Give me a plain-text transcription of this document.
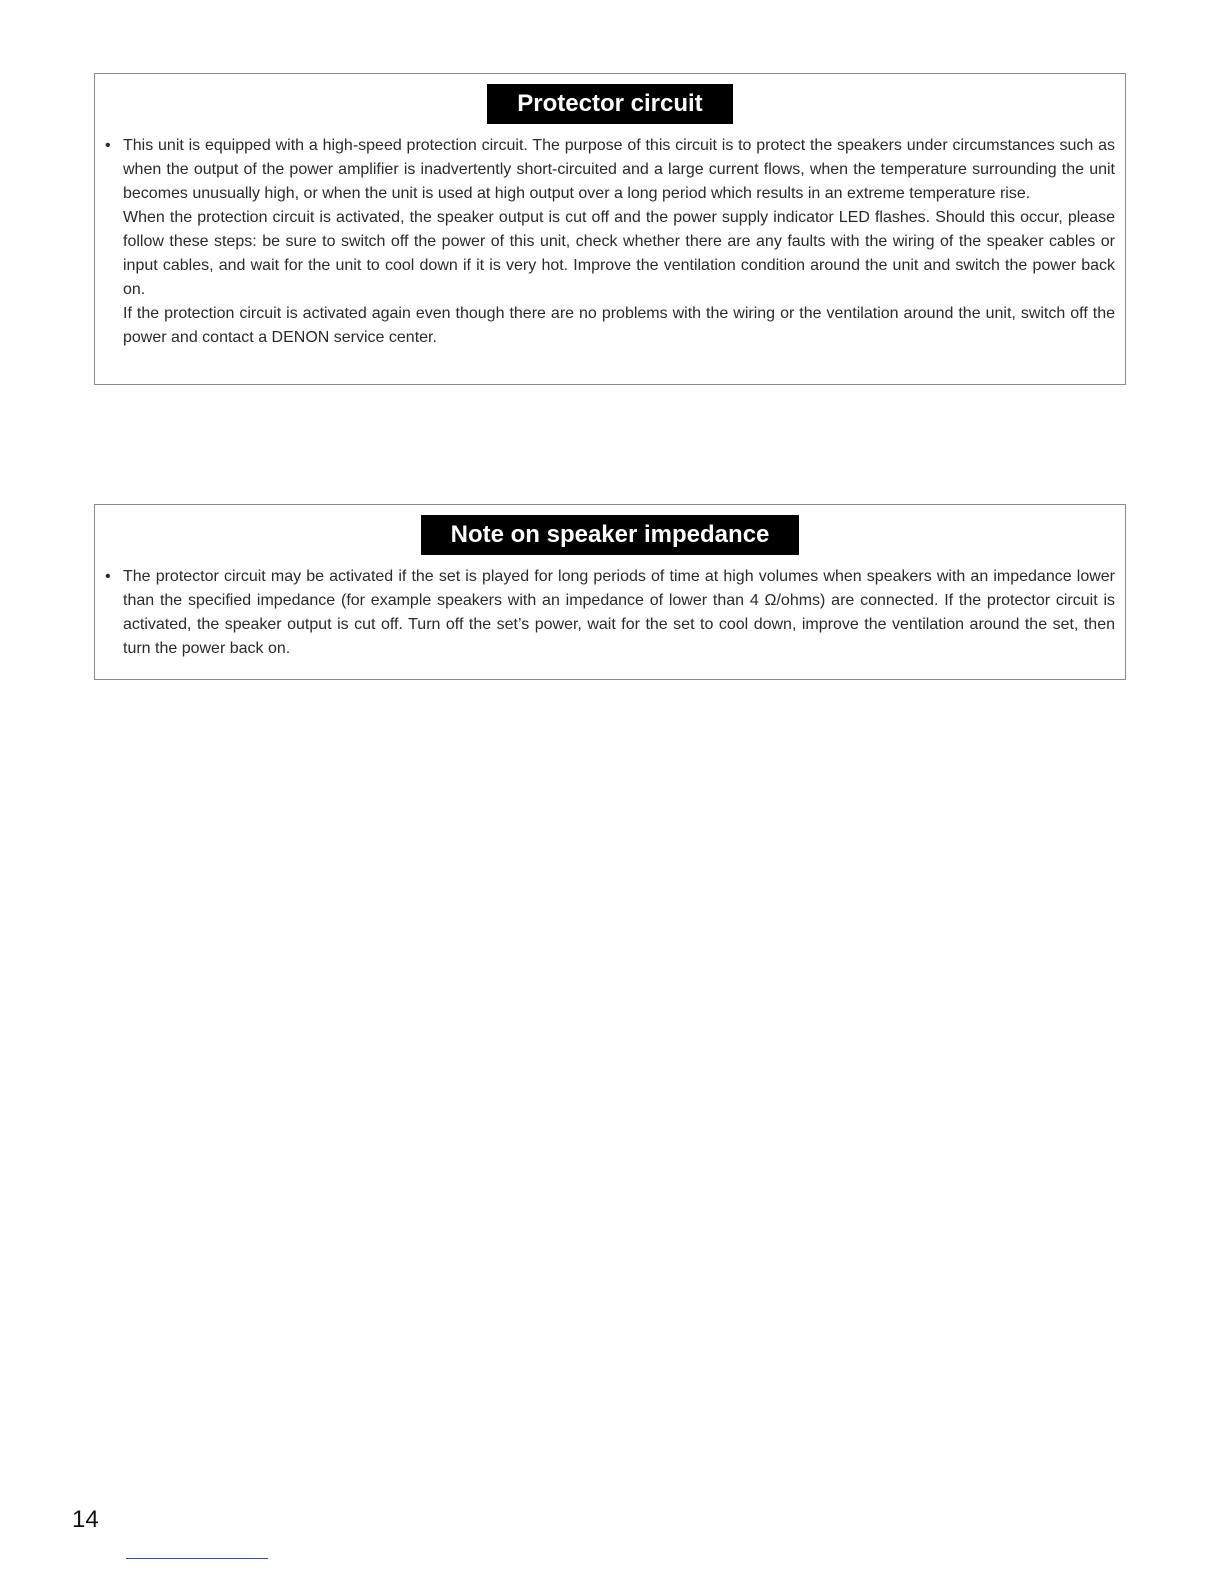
Protector circuit
• This unit is equipped with a high-speed protection circuit. The purpose of this circuit is to protect the speakers under circumstances such as when the output of the power amplifier is inadvertently short-circuited and a large current flows, when the temperature surrounding the unit becomes unusually high, or when the unit is used at high output over a long period which results in an extreme temperature rise.

When the protection circuit is activated, the speaker output is cut off and the power supply indicator LED flashes. Should this occur, please follow these steps: be sure to switch off the power of this unit, check whether there are any faults with the wiring of the speaker cables or input cables, and wait for the unit to cool down if it is very hot. Improve the ventilation condition around the unit and switch the power back on.

If the protection circuit is activated again even though there are no problems with the wiring or the ventilation around the unit, switch off the power and contact a DENON service center.

Note on speaker impedance
• The protector circuit may be activated if the set is played for long periods of time at high volumes when speakers with an impedance lower than the specified impedance (for example speakers with an impedance of lower than 4 Ω/ohms) are connected. If the protector circuit is activated, the speaker output is cut off. Turn off the set’s power, wait for the set to cool down, improve the ventilation around the set, then turn the power back on.

14
